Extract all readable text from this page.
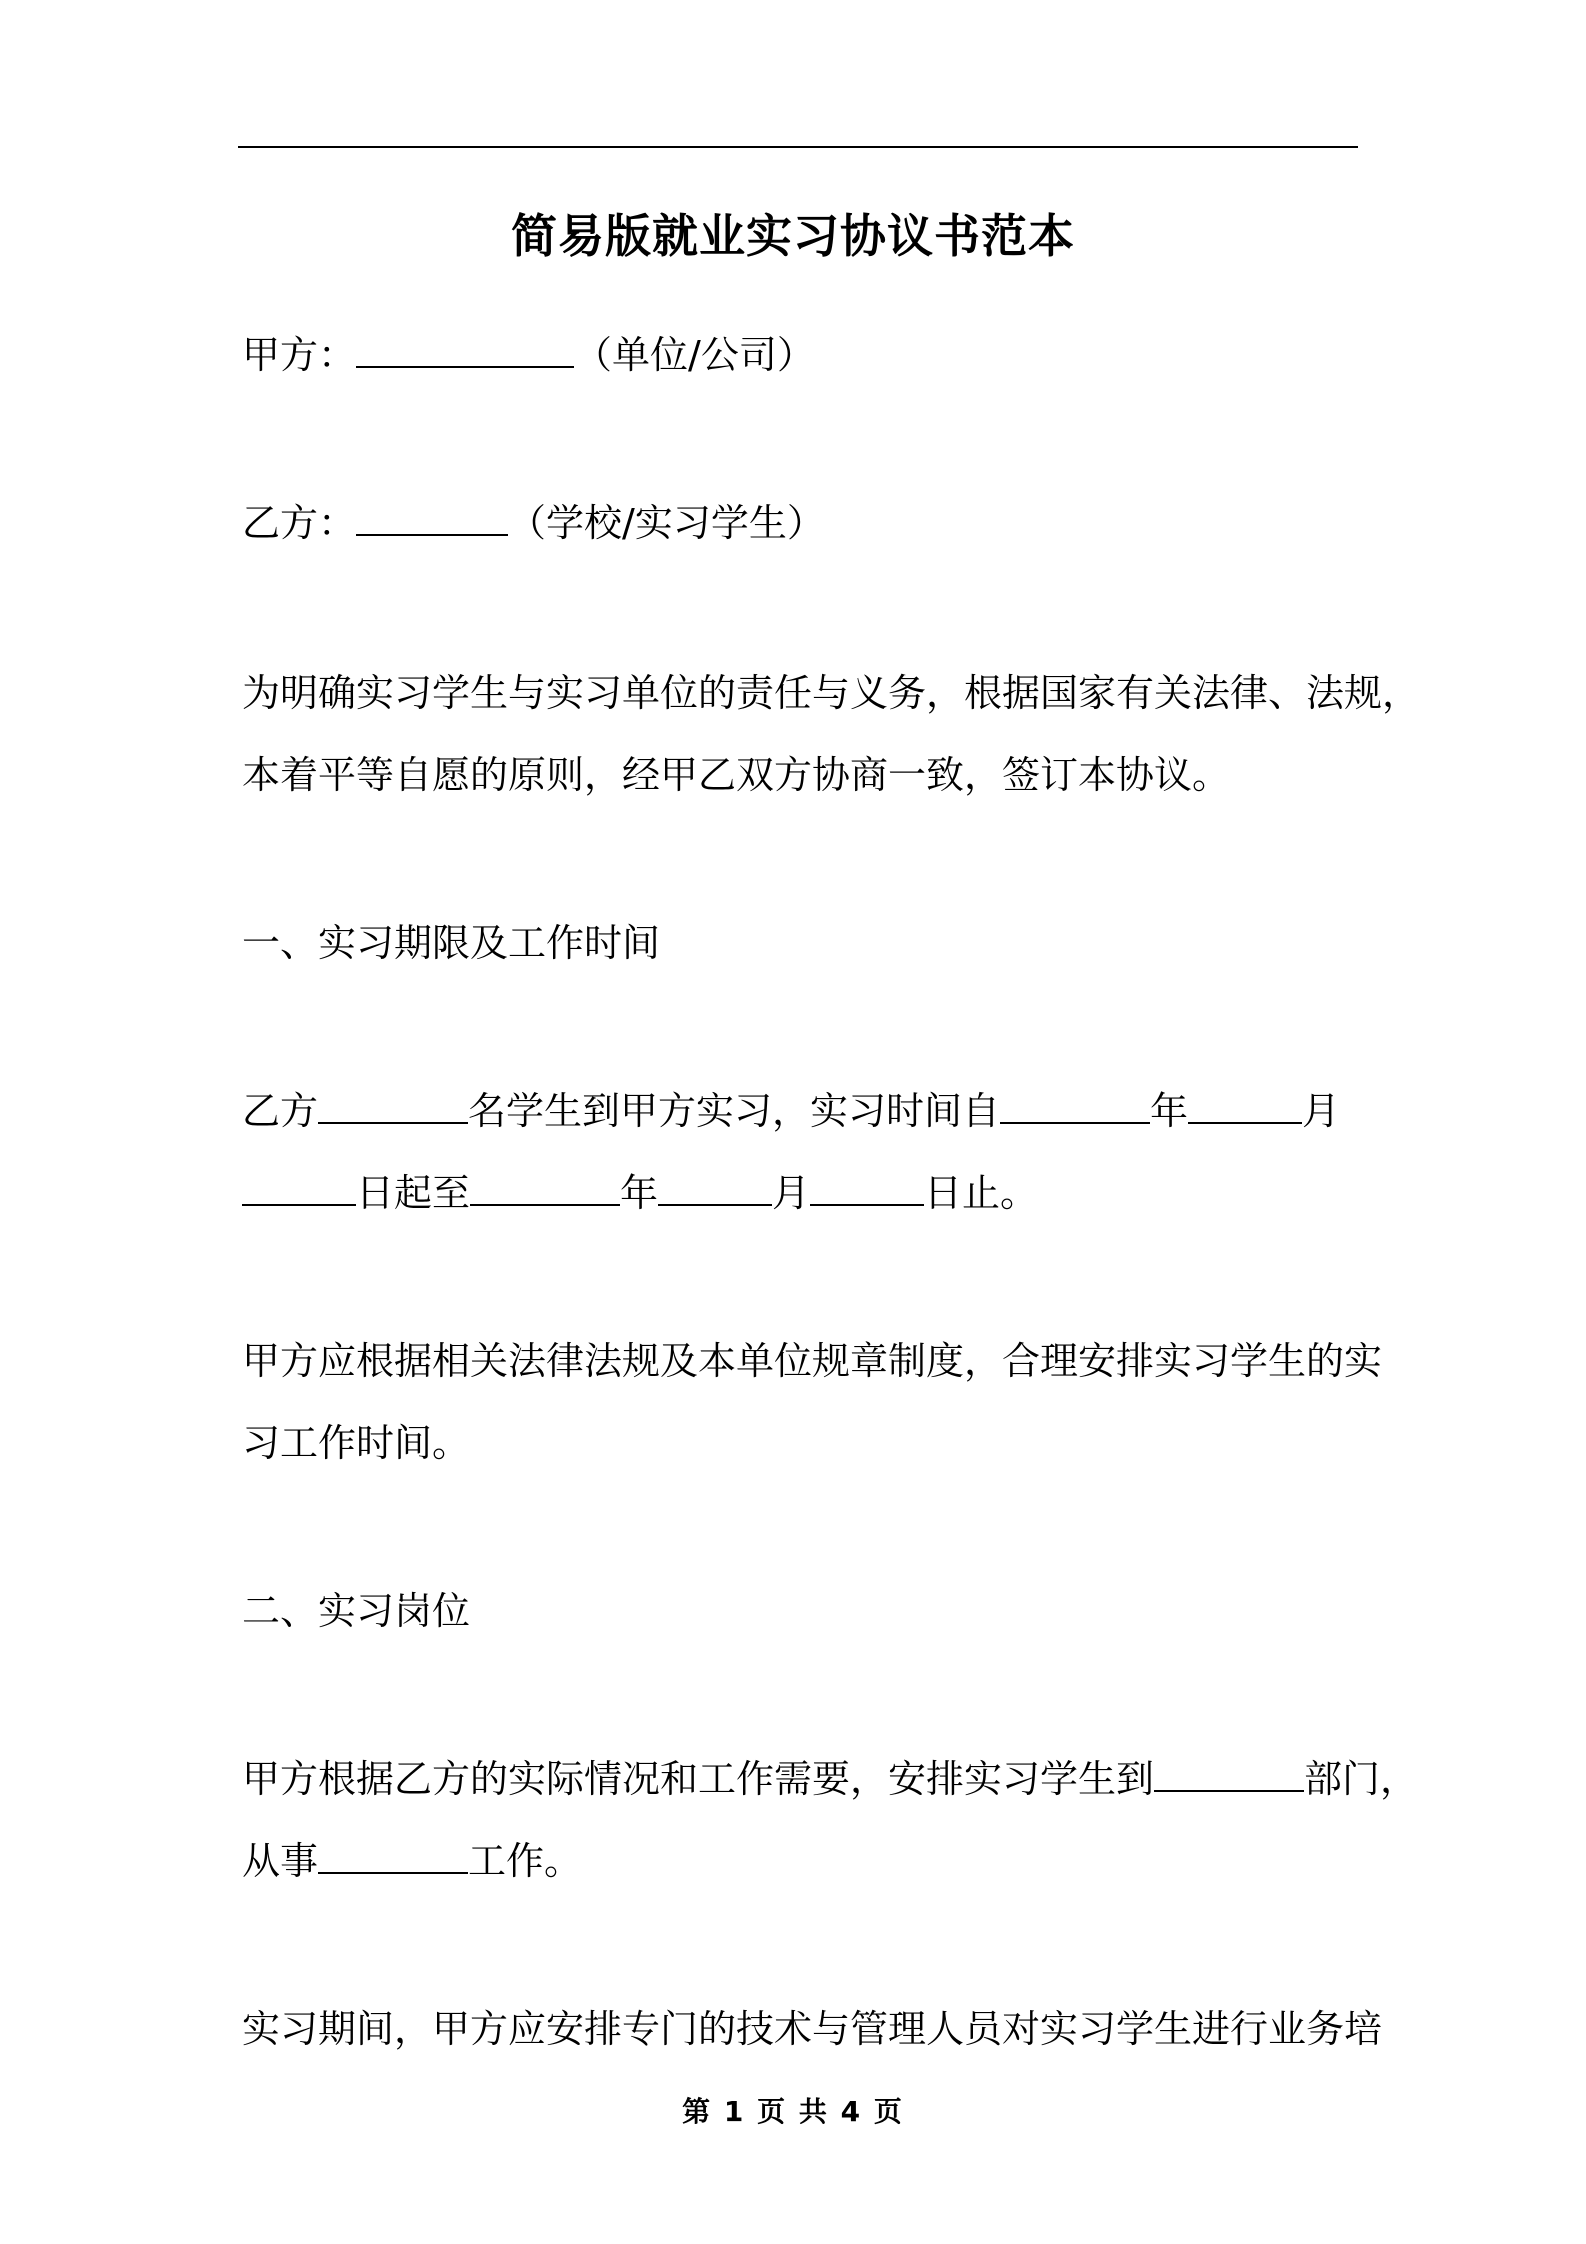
简易版就业实习协议书范本
甲方：	（单位/公司）
乙方：	（学校/实习学生）
为明确实习学生与实习单位的责任与义务，根据国家有关法律、法规，
本着平等自愿的原则，经甲乙双方协商一致，签订本协议。
一、实习期限及工作时间
乙方	名学生到甲方实习，实习时间自	年	月
日起至	年	月	日止。
甲方应根据相关法律法规及本单位规章制度，合理安排实习学生的实
习工作时间。
二、实习岗位
甲方根据乙方的实际情况和工作需要，安排实习学生到	部门，
从事	工作。
实习期间，甲方应安排专门的技术与管理人员对实习学生进行业务培
第 1 页 共 4 页
